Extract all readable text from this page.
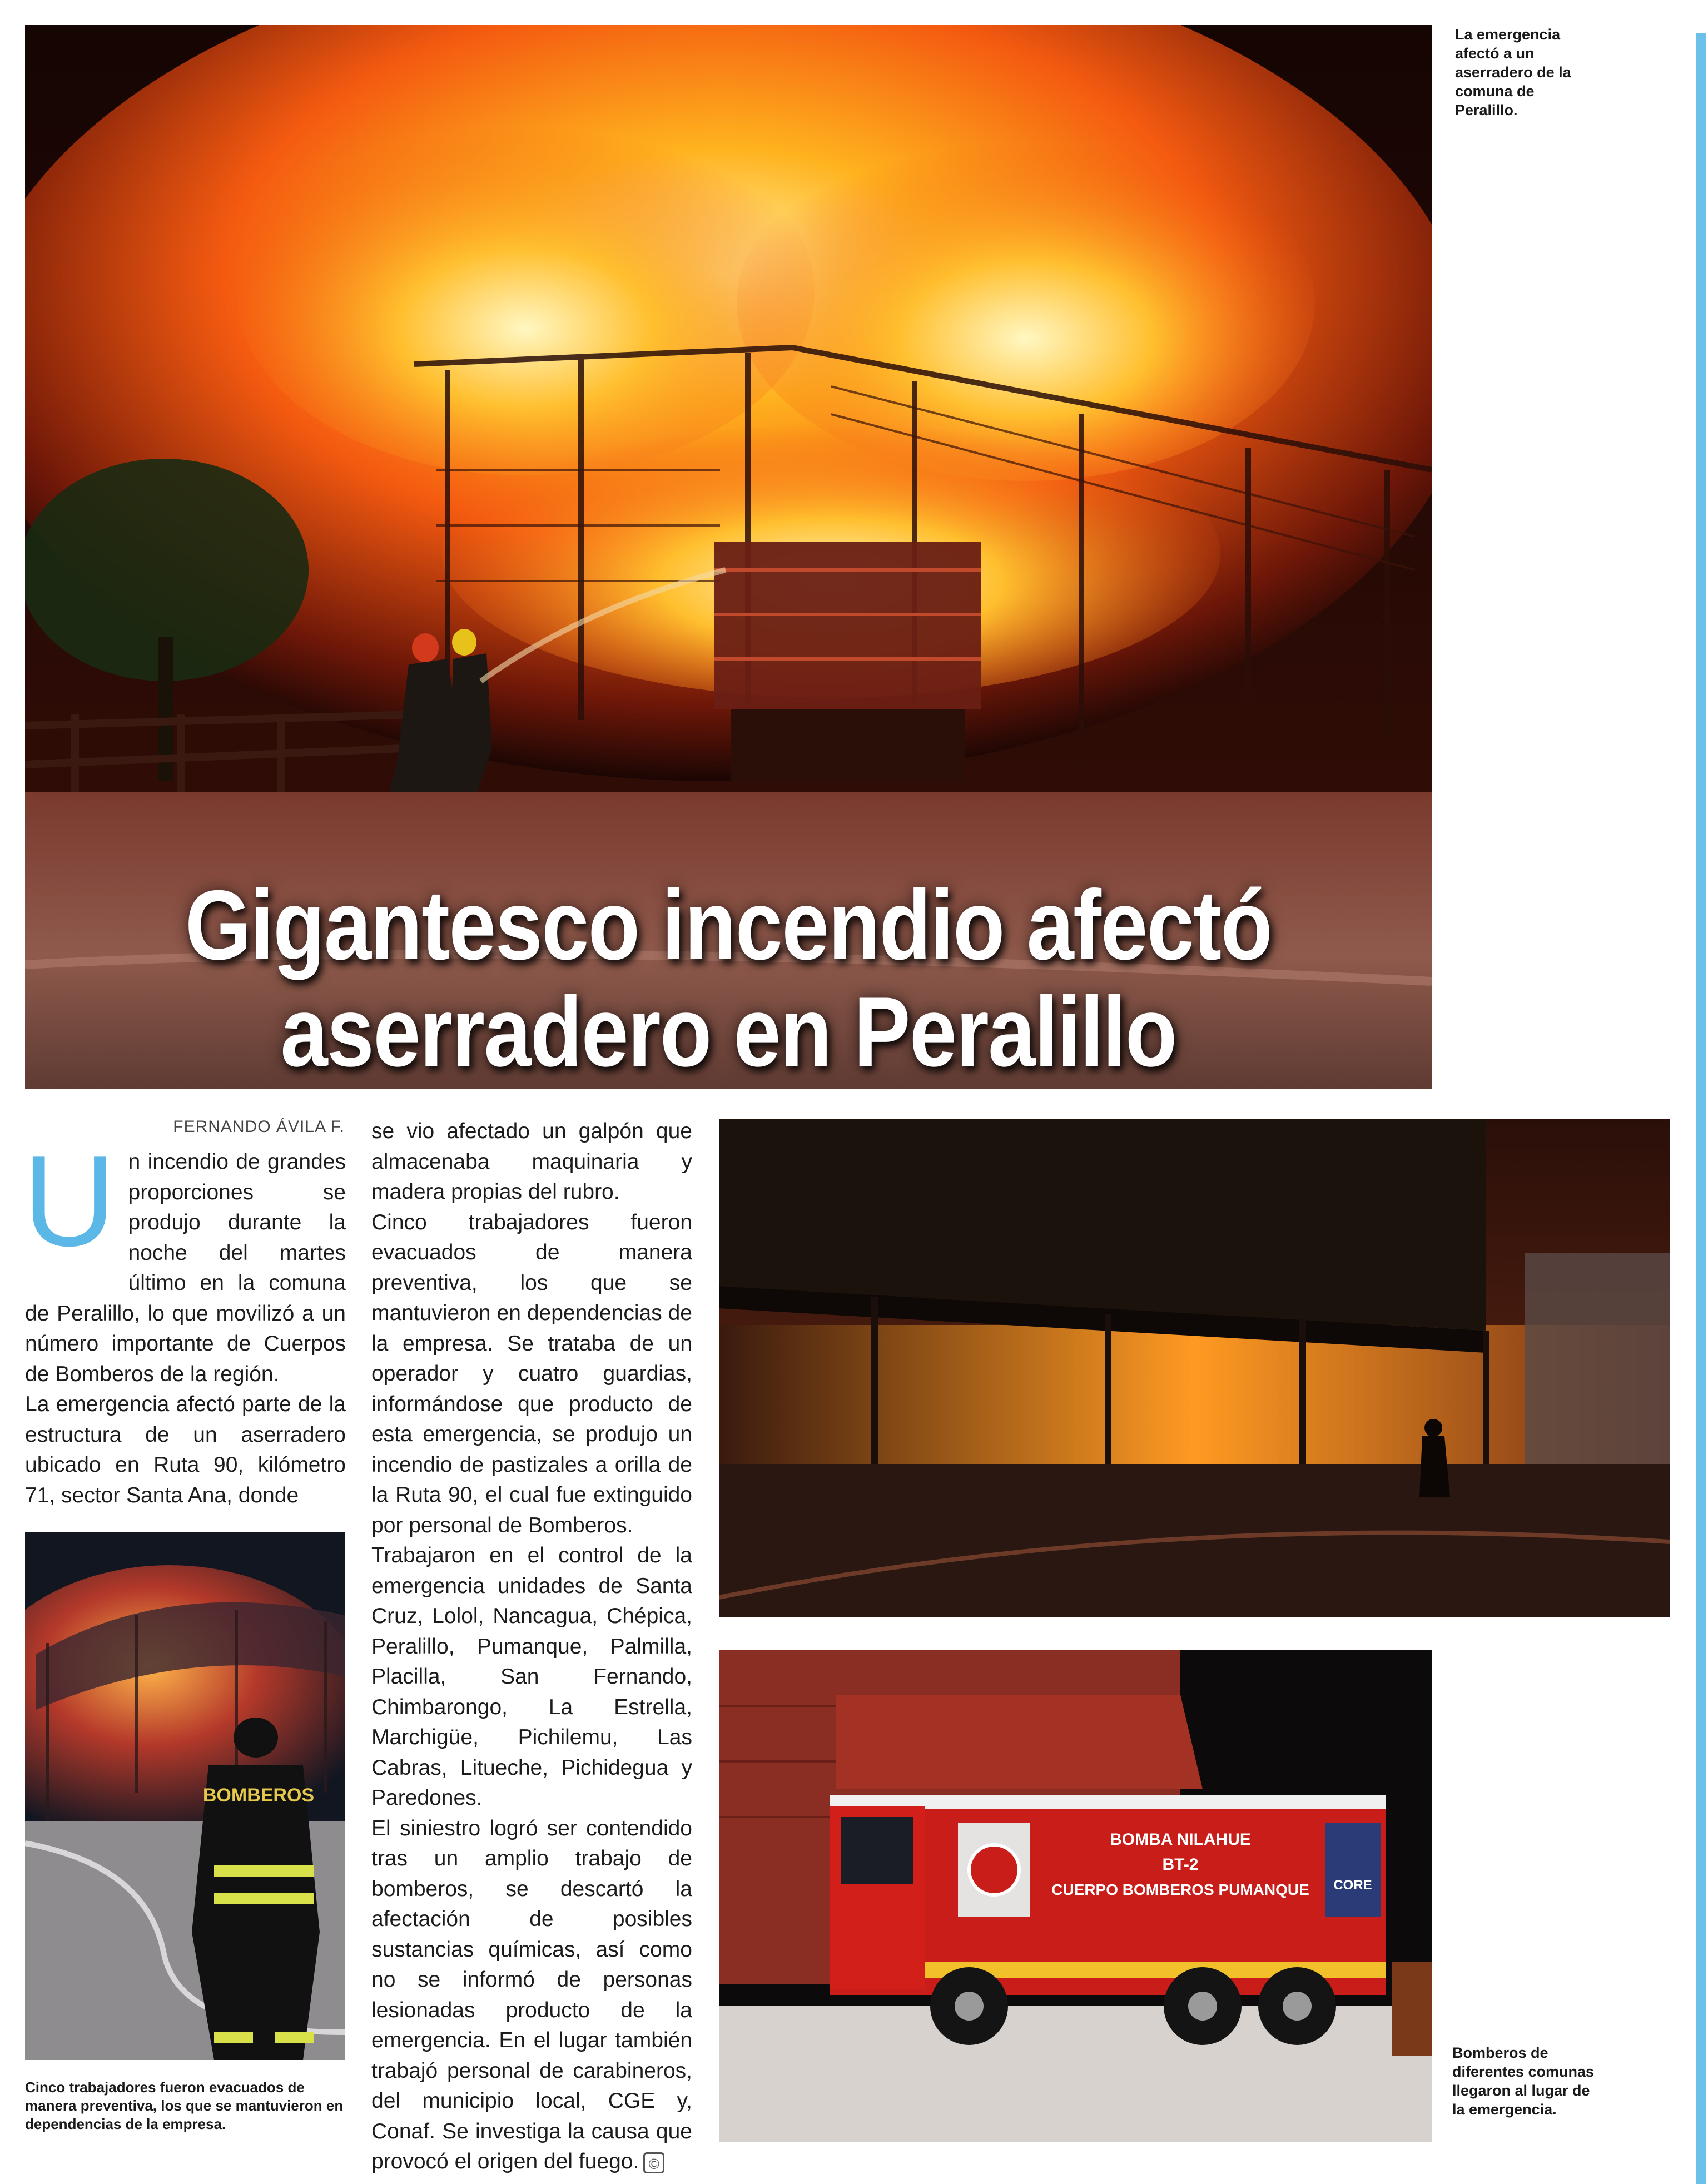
Gigantesco incendio afectó
aserradero en Peralillo
La emergencia afectó a un aserradero de la comuna de Peralillo.
FERNANDO ÁVILA F.

Un incendio de grandes proporciones se produjo durante la noche del martes último en la comuna de Peralillo, lo que movilizó a un número importante de Cuerpos de Bomberos de la región.

La emergencia afectó parte de la estructura de un aserradero ubicado en Ruta 90, kilómetro 71, sector Santa Ana, donde

se vio afectado un galpón que almacenaba maquinaria y madera propias del rubro.

Cinco trabajadores fueron evacuados de manera preventiva, los que se mantuvieron en dependencias de la empresa. Se trataba de un operador y cuatro guardias, informándose que producto de esta emergencia, se produjo un incendio de pastizales a orilla de la Ruta 90, el cual fue extinguido por personal de Bomberos.

Trabajaron en el control de la emergencia unidades de Santa Cruz, Lolol, Nancagua, Chépica, Peralillo, Pumanque, Palmilla, Placilla, San Fernando, Chimbarongo, La Estrella, Marchigüe, Pichilemu, Las Cabras, Litueche, Pichidegua y Paredones.

El siniestro logró ser contendido tras un amplio trabajo de bomberos, se descartó la afectación de posibles sustancias químicas, así como no se informó de personas lesionadas producto de la emergencia. En el lugar también trabajó personal de carabineros, del municipio local, CGE y, Conaf. Se investiga la causa que provocó el origen del fuego. ©

BOMBEROS
Cinco trabajadores fueron evacuados de manera preventiva, los que se mantuvieron en dependencias de la empresa.
BOMBA NILAHUE
BT-2
CUERPO BOMBEROS PUMANQUE CORE
Bomberos de diferentes comunas llegaron al lugar de la emergencia.
